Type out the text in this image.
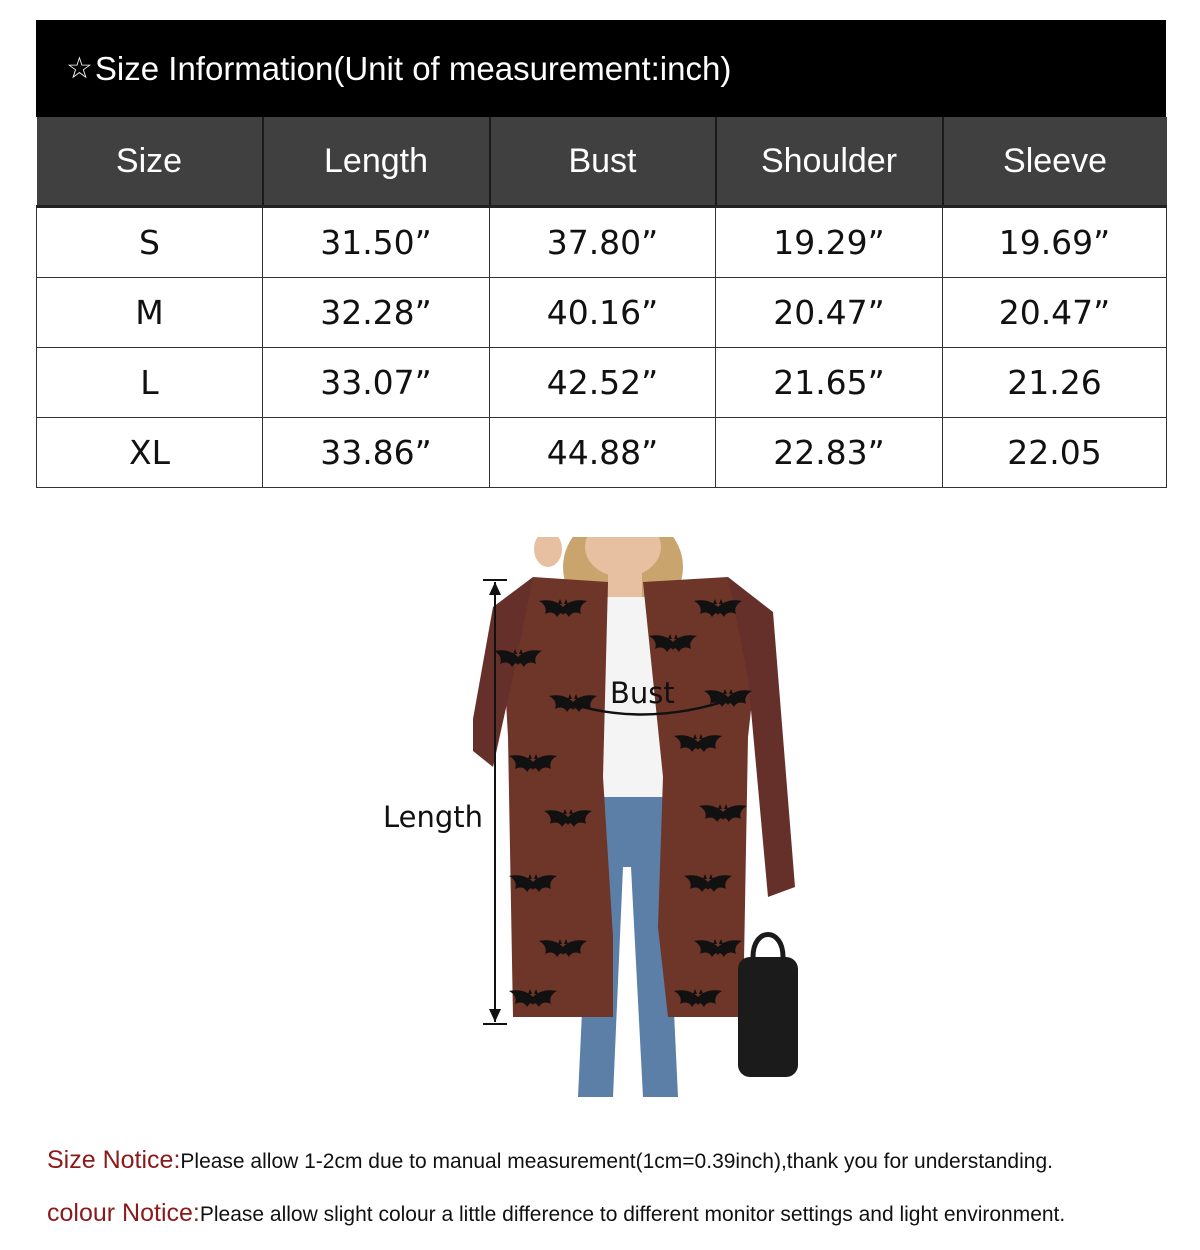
☆ Size Information(Unit of measurement:inch)
Size	Length	Bust	Shoulder	Sleeve
S	31.50”	37.80”	19.29”	19.69”
M	32.28”	40.16”	20.47”	20.47”
L	33.07”	42.52”	21.65”	21.26
XL	33.86”	44.88”	22.83”	22.05
Bust
Length
Size Notice:Please allow 1-2cm due to manual measurement(1cm=0.39inch),thank you for understanding.
colour Notice:Please allow slight colour a little difference to different monitor settings and light environment.
